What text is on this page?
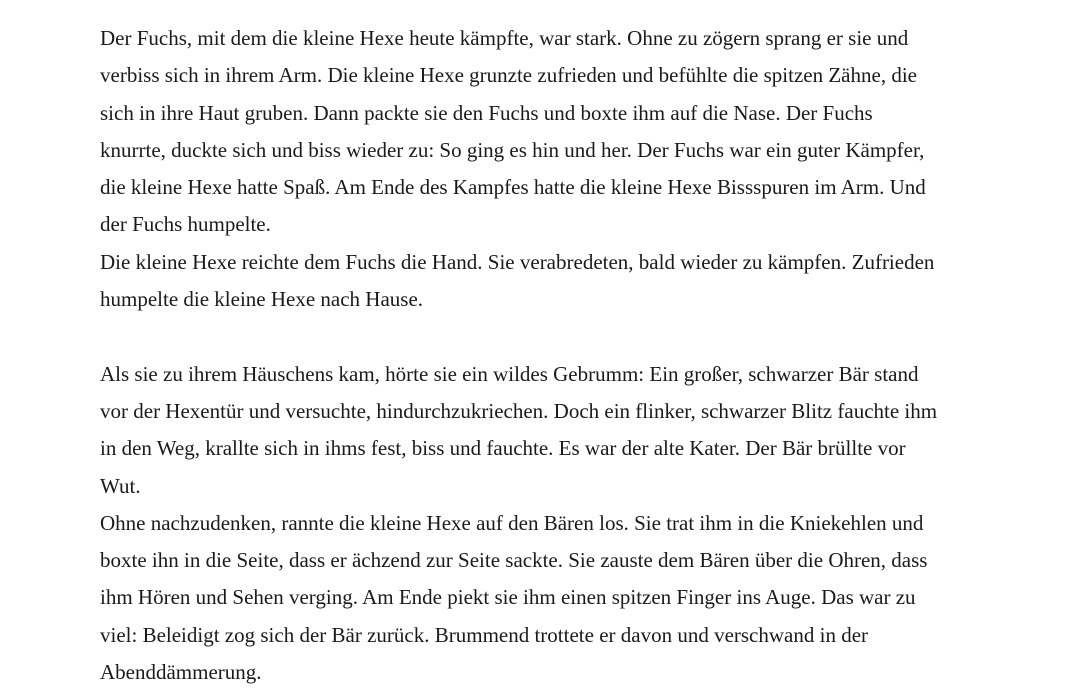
Der Fuchs, mit dem die kleine Hexe heute kämpfte, war stark. Ohne zu zögern sprang er sie und
verbiss sich in ihrem Arm. Die kleine Hexe grunzte zufrieden und befühlte die spitzen Zähne, die
sich in ihre Haut gruben. Dann packte sie den Fuchs und boxte ihm auf die Nase. Der Fuchs
knurrte, duckte sich und biss wieder zu: So ging es hin und her. Der Fuchs war ein guter Kämpfer,
die kleine Hexe hatte Spaß. Am Ende des Kampfes hatte die kleine Hexe Bissspuren im Arm. Und
der Fuchs humpelte.

Die kleine Hexe reichte dem Fuchs die Hand. Sie verabredeten, bald wieder zu kämpfen. Zufrieden
humpelte die kleine Hexe nach Hause.

Als sie zu ihrem Häuschens kam, hörte sie ein wildes Gebrumm: Ein großer, schwarzer Bär stand
vor der Hexentür und versuchte, hindurchzukriechen. Doch ein flinker, schwarzer Blitz fauchte ihm
in den Weg, krallte sich in ihms fest, biss und fauchte. Es war der alte Kater. Der Bär brüllte vor
Wut.

Ohne nachzudenken, rannte die kleine Hexe auf den Bären los. Sie trat ihm in die Kniekehlen und
boxte ihn in die Seite, dass er ächzend zur Seite sackte. Sie zauste dem Bären über die Ohren, dass
ihm Hören und Sehen verging. Am Ende piekt sie ihm einen spitzen Finger ins Auge. Das war zu
viel: Beleidigt zog sich der Bär zurück. Brummend trottete er davon und verschwand in der
Abenddämmerung.
